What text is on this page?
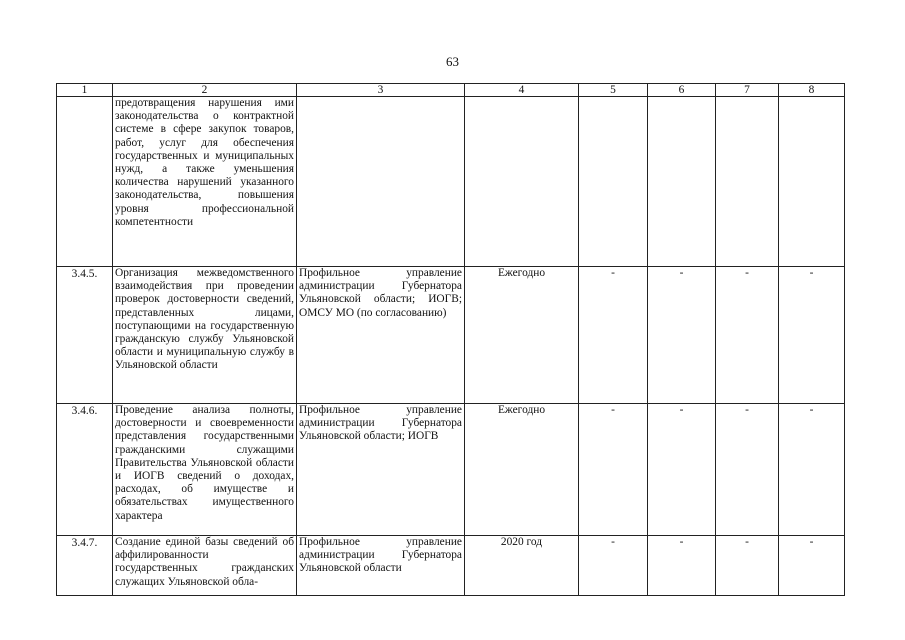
63
1	2	3	4	5	6	7	8
	предотвращения нарушения ими законодательства о контрактной системе в сфере закупок товаров, работ, услуг для обеспечения государственных и муниципальных нужд, а также уменьшения количества нарушений указанного законодательства, повышения уровня профессиональной компетентности						
3.4.5.	Организация межведомственного взаимодействия при проведении проверок достоверности сведений, представленных лицами, поступающими на государственную гражданскую службу Ульяновской области и муниципальную службу в Ульяновской области	Профильное управление администрации Губернатора Ульяновской области; ИОГВ; ОМСУ МО (по согласованию)	Ежегодно	-	-	-	-
3.4.6.	Проведение анализа полноты, достоверности и своевременности представления государственными гражданскими служащими Правительства Ульяновской области и ИОГВ сведений о доходах, расходах, об имуществе и обязательствах имущественного характера	Профильное управление администрации Губернатора Ульяновской области; ИОГВ	Ежегодно	-	-	-	-
3.4.7.	Создание единой базы сведений об аффилированности государственных гражданских служащих Ульяновской обла-	Профильное управление администрации Губернатора Ульяновской области	2020 год	-	-	-	-
